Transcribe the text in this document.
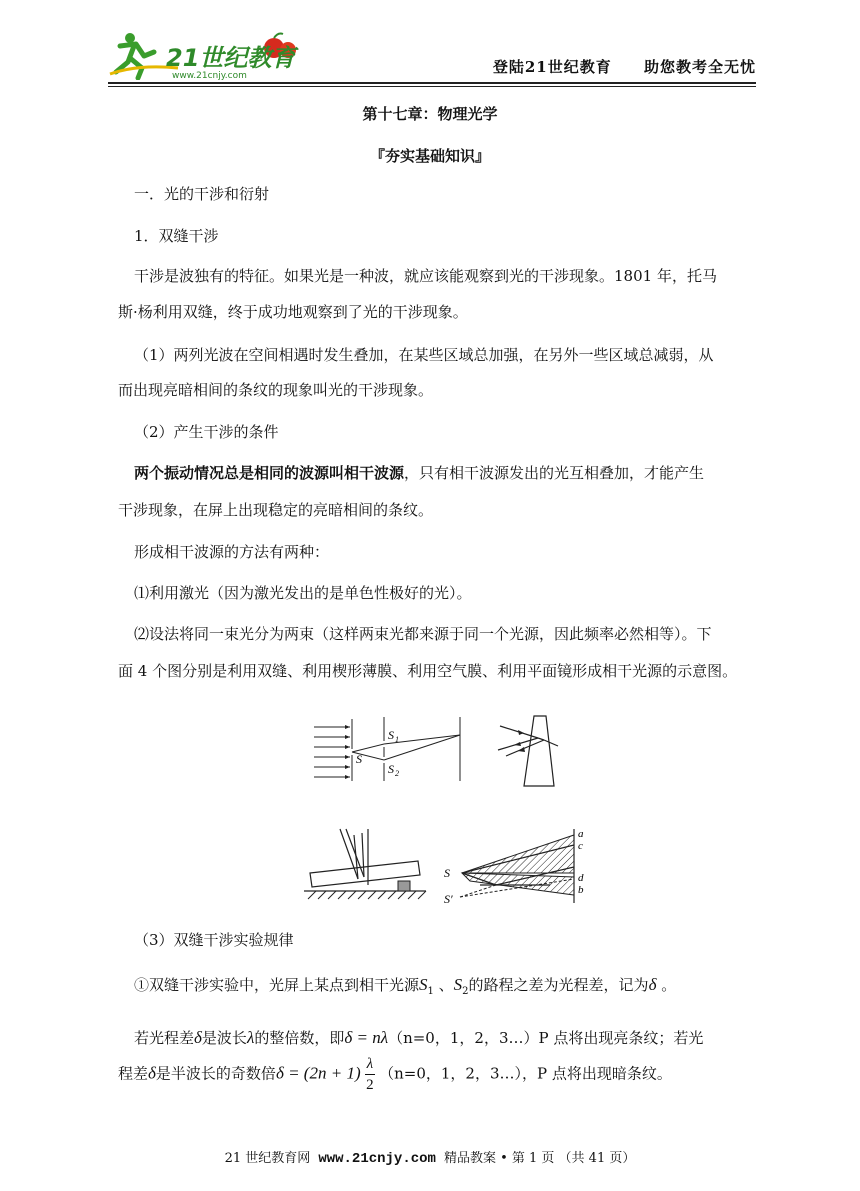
21世纪教育
www.21cnjy.com	登陆21世纪教育 助您教考全无忧
第十七章：物理光学
『夯实基础知识』
一．光的干涉和衍射
1．双缝干涉
干涉是波独有的特征。如果光是一种波，就应该能观察到光的干涉现象。1801 年，托马
斯·杨利用双缝，终于成功地观察到了光的干涉现象。
（1）两列光波在空间相遇时发生叠加，在某些区域总加强，在另外一些区域总减弱，从
而出现亮暗相间的条纹的现象叫光的干涉现象。
（2）产生干涉的条件
两个振动情况总是相同的波源叫相干波源，只有相干波源发出的光互相叠加，才能产生
干涉现象，在屏上出现稳定的亮暗相间的条纹。
形成相干波源的方法有两种：
⑴利用激光（因为激光发出的是单色性极好的光）。
⑵设法将同一束光分为两束（这样两束光都来源于同一个光源，因此频率必然相等）。下
面 4 个图分别是利用双缝、利用楔形薄膜、利用空气膜、利用平面镜形成相干光源的示意图。
S
S 1
S 2
S
S′
a
c
d
b
（3）双缝干涉实验规律
①双缝干涉实验中，光屏上某点到相干光源$S_1$ 、$S_2$的路程之差为光程差，记为δ 。
若光程差δ是波长λ的整倍数，即δ = nλ（n=0，1，2，3…）P 点将出现亮条纹；若光
程差δ是半波长的奇数倍$\delta = (2n + 1) \frac{\lambda}{2} (n=0$，1，2，3…），P 点将出现暗条纹。
21 世纪教育网 www.21cnjy.com 精品教案 • 第 1 页 （共 41 页）
